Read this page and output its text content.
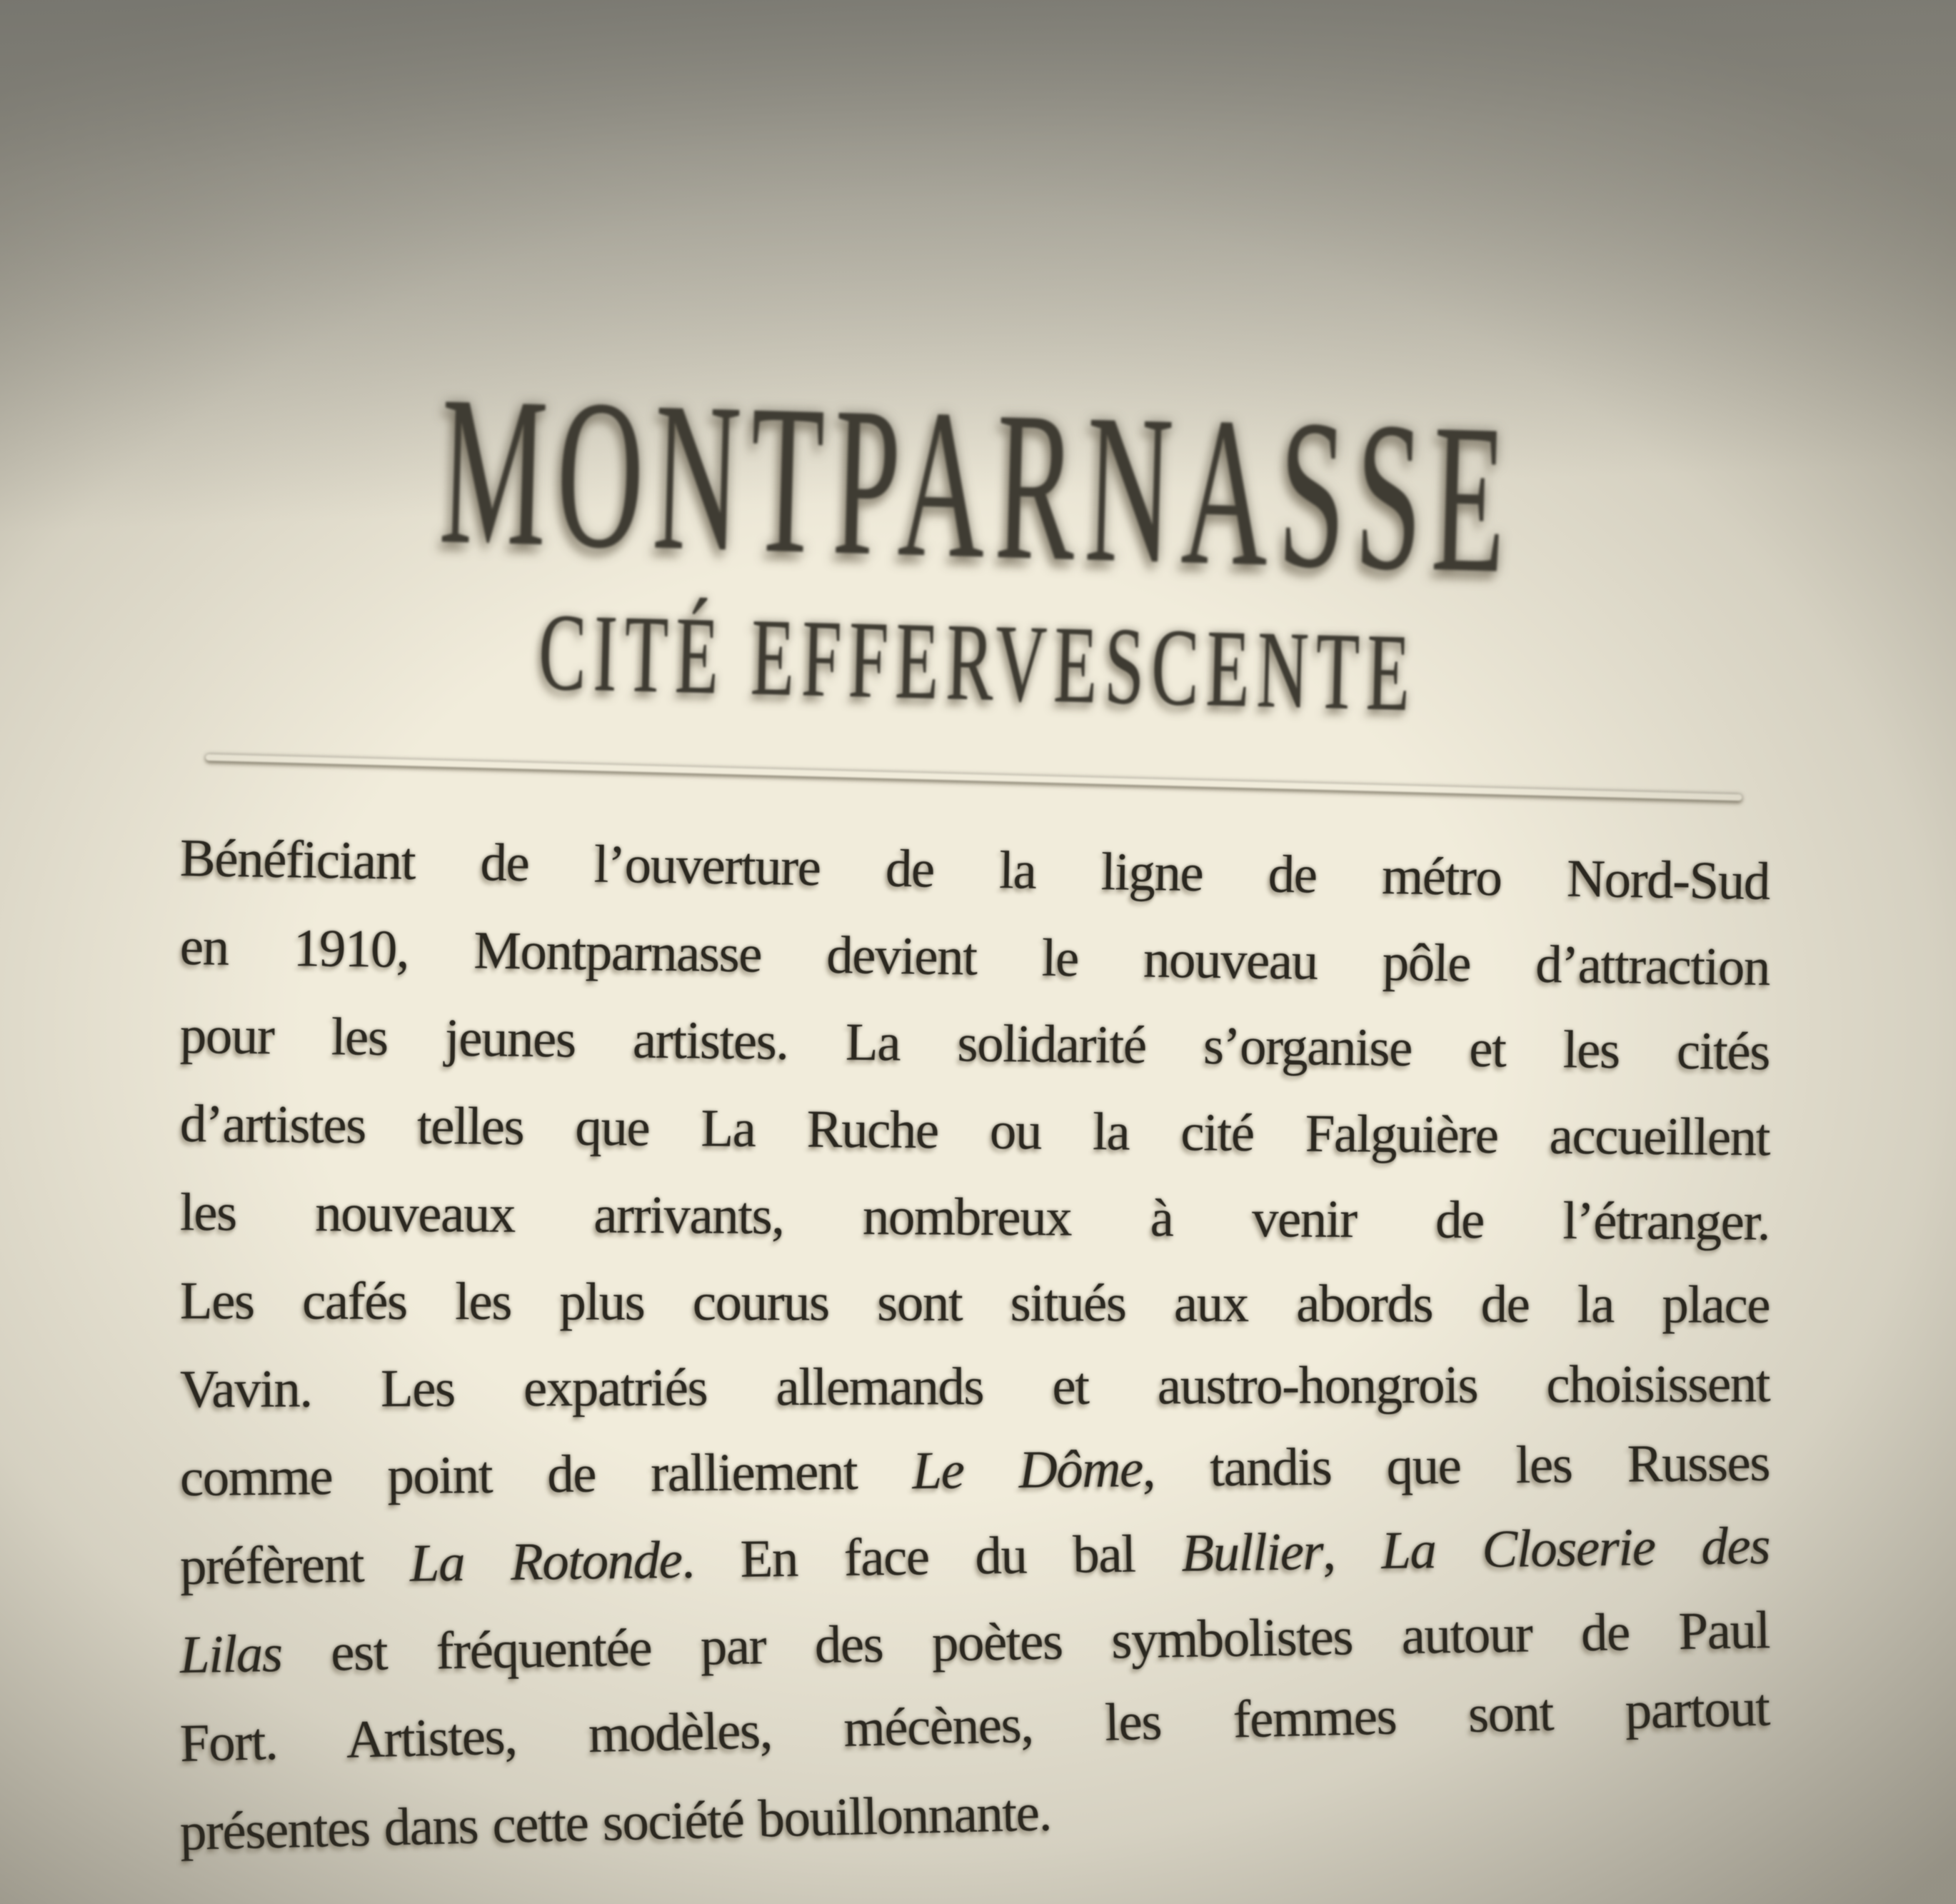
MONTPARNASSE
CITÉ EFFERVESCENTE
Bénéficiant de l’ouverture de la ligne de métro Nord-Sud
en 1910, Montparnasse devient le nouveau pôle d’attraction
pour les jeunes artistes. La solidarité s’organise et les cités
d’artistes telles que La Ruche ou la cité Falguière accueillent
les nouveaux arrivants, nombreux à venir de l’étranger.
Les cafés les plus courus sont situés aux abords de la place
Vavin. Les expatriés allemands et austro-hongrois choisissent
comme point de ralliement Le Dôme, tandis que les Russes
préfèrent La Rotonde. En face du bal Bullier, La Closerie des
Lilas est fréquentée par des poètes symbolistes autour de Paul
Fort. Artistes, modèles, mécènes, les femmes sont partout
présentes dans cette société bouillonnante.
